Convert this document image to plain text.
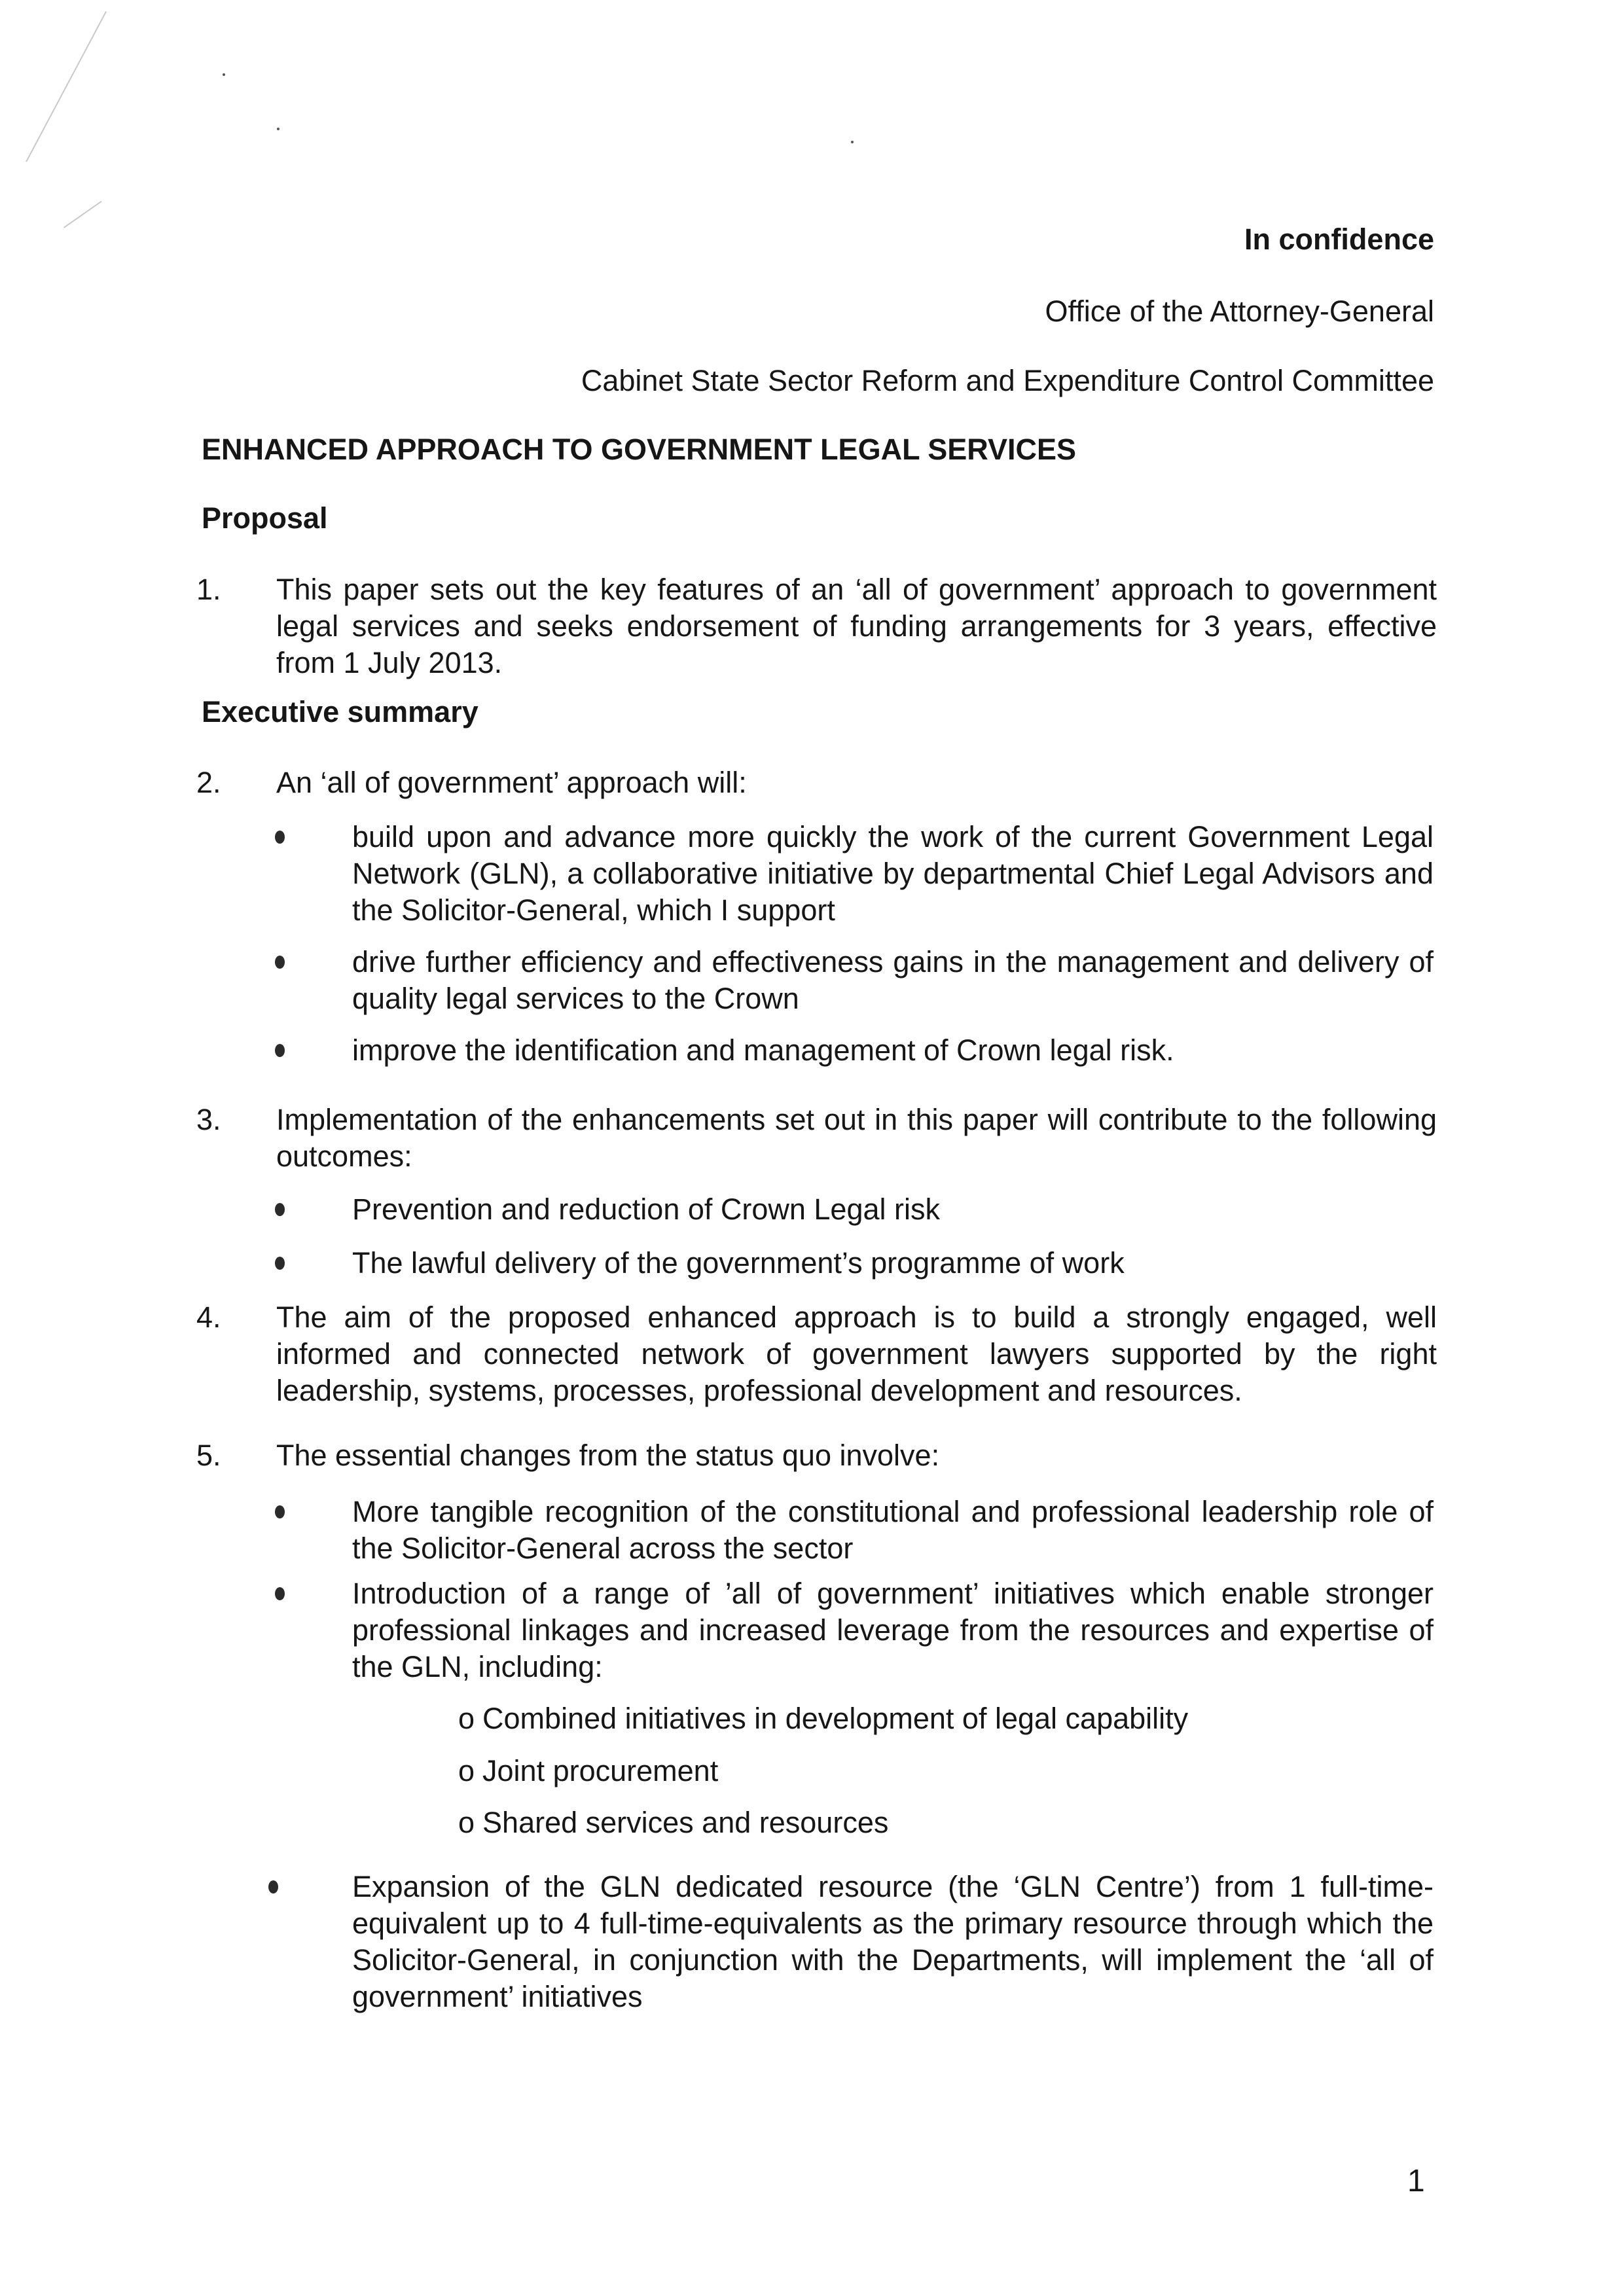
In confidence
Office of the Attorney-General
Cabinet State Sector Reform and Expenditure Control Committee
ENHANCED APPROACH TO GOVERNMENT LEGAL SERVICES
Proposal
1. This paper sets out the key features of an ‘all of government’ approach to government legal services and seeks endorsement of funding arrangements for 3 years, effective from 1 July 2013.
Executive summary
2. An ‘all of government’ approach will:
build upon and advance more quickly the work of the current Government Legal Network (GLN), a collaborative initiative by departmental Chief Legal Advisors and the Solicitor-General, which I support
drive further efficiency and effectiveness gains in the management and delivery of quality legal services to the Crown
improve the identification and management of Crown legal risk.
3. Implementation of the enhancements set out in this paper will contribute to the following outcomes:
Prevention and reduction of Crown Legal risk
The lawful delivery of the government’s programme of work
4. The aim of the proposed enhanced approach is to build a strongly engaged, well informed and connected network of government lawyers supported by the right leadership, systems, processes, professional development and resources.
5. The essential changes from the status quo involve:
More tangible recognition of the constitutional and professional leadership role of the Solicitor-General across the sector
Introduction of a range of ’all of government’ initiatives which enable stronger professional linkages and increased leverage from the resources and expertise of the GLN, including:
o Combined initiatives in development of legal capability
o Joint procurement
o Shared services and resources
Expansion of the GLN dedicated resource (the ‘GLN Centre’) from 1 full-time-equivalent up to 4 full-time-equivalents as the primary resource through which the Solicitor-General, in conjunction with the Departments, will implement the ‘all of government’ initiatives
1
